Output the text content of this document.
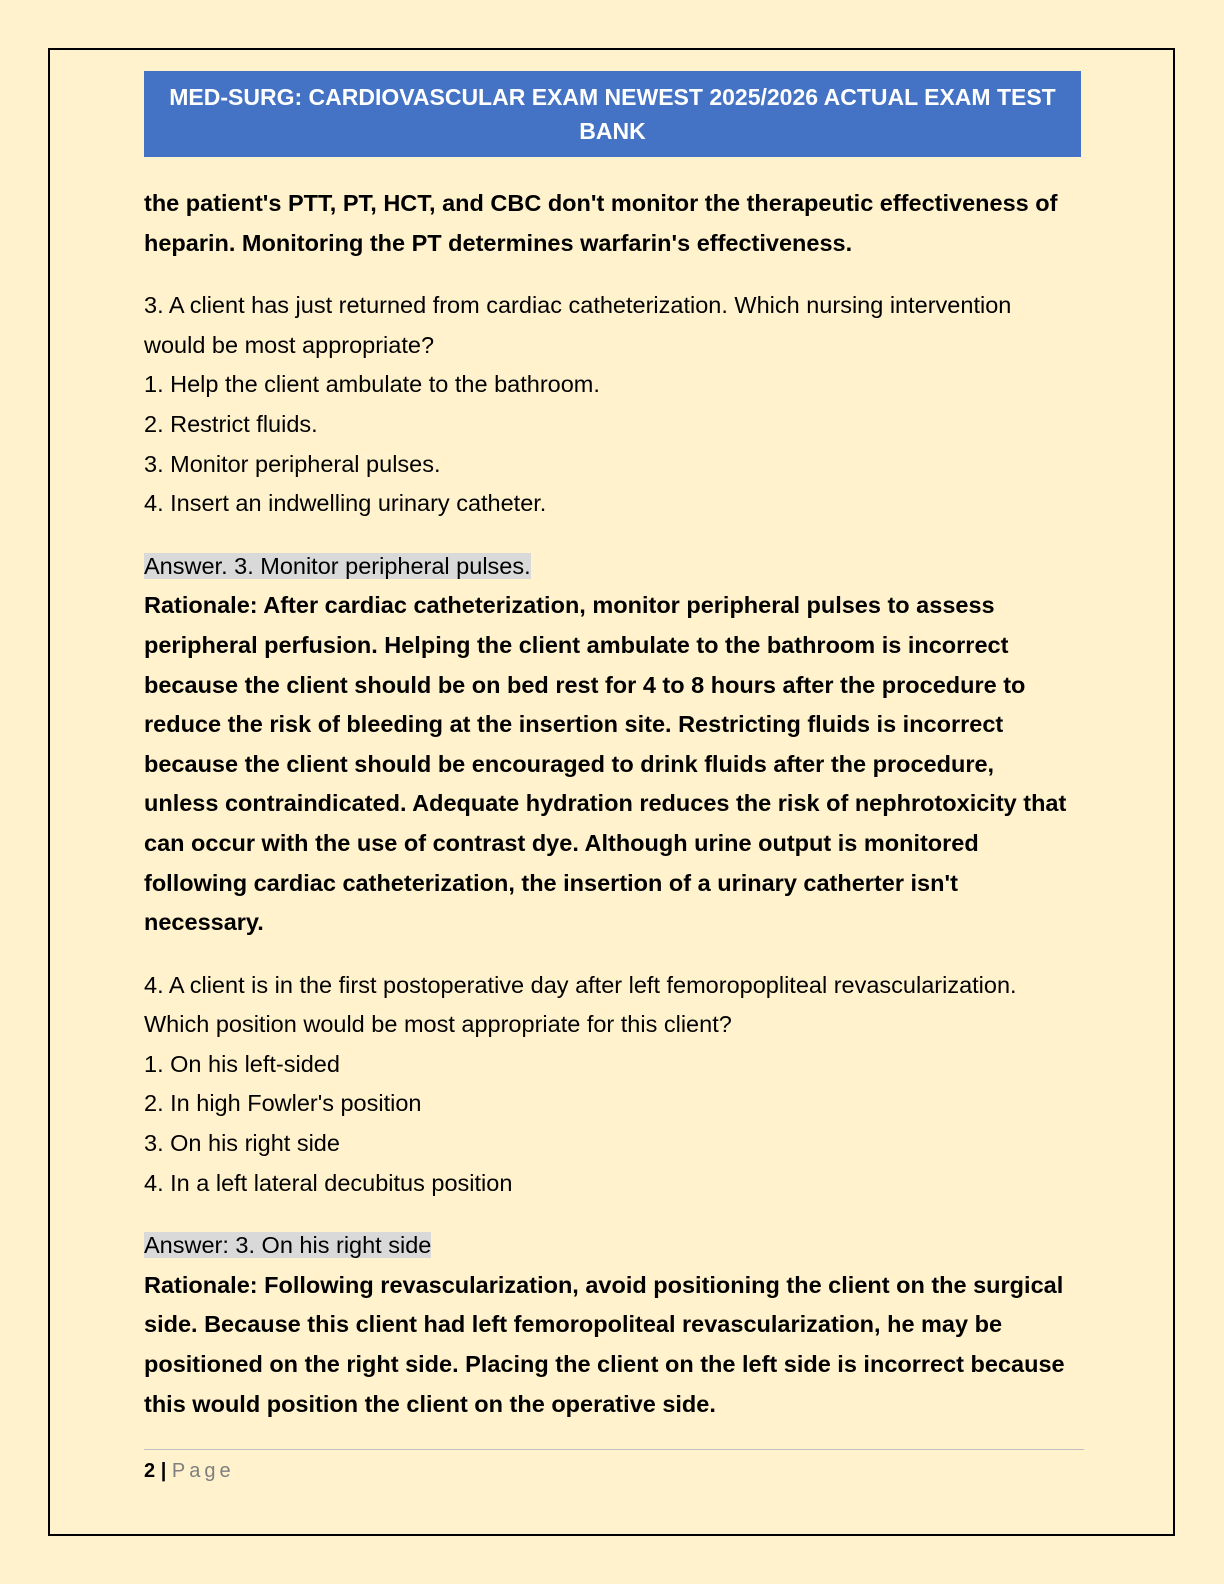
MED-SURG: CARDIOVASCULAR EXAM NEWEST 2025/2026 ACTUAL EXAM TEST BANK

the patient's PTT, PT, HCT, and CBC don't monitor the therapeutic effectiveness of heparin. Monitoring the PT determines warfarin's effectiveness.

3. A client has just returned from cardiac catheterization. Which nursing intervention would be most appropriate?

1. Help the client ambulate to the bathroom.

2. Restrict fluids.

3. Monitor peripheral pulses.

4. Insert an indwelling urinary catheter.

Answer. 3. Monitor peripheral pulses.

Rationale: After cardiac catheterization, monitor peripheral pulses to assess peripheral perfusion. Helping the client ambulate to the bathroom is incorrect because the client should be on bed rest for 4 to 8 hours after the procedure to reduce the risk of bleeding at the insertion site. Restricting fluids is incorrect because the client should be encouraged to drink fluids after the procedure, unless contraindicated. Adequate hydration reduces the risk of nephrotoxicity that can occur with the use of contrast dye. Although urine output is monitored following cardiac catheterization, the insertion of a urinary catherter isn't necessary.

4. A client is in the first postoperative day after left femoropopliteal revascularization. Which position would be most appropriate for this client?

1. On his left-sided

2. In high Fowler's position

3. On his right side

4. In a left lateral decubitus position

Answer: 3. On his right side

Rationale: Following revascularization, avoid positioning the client on the surgical side. Because this client had left femoropoliteal revascularization, he may be positioned on the right side. Placing the client on the left side is incorrect because this would position the client on the operative side.

2 | Page
